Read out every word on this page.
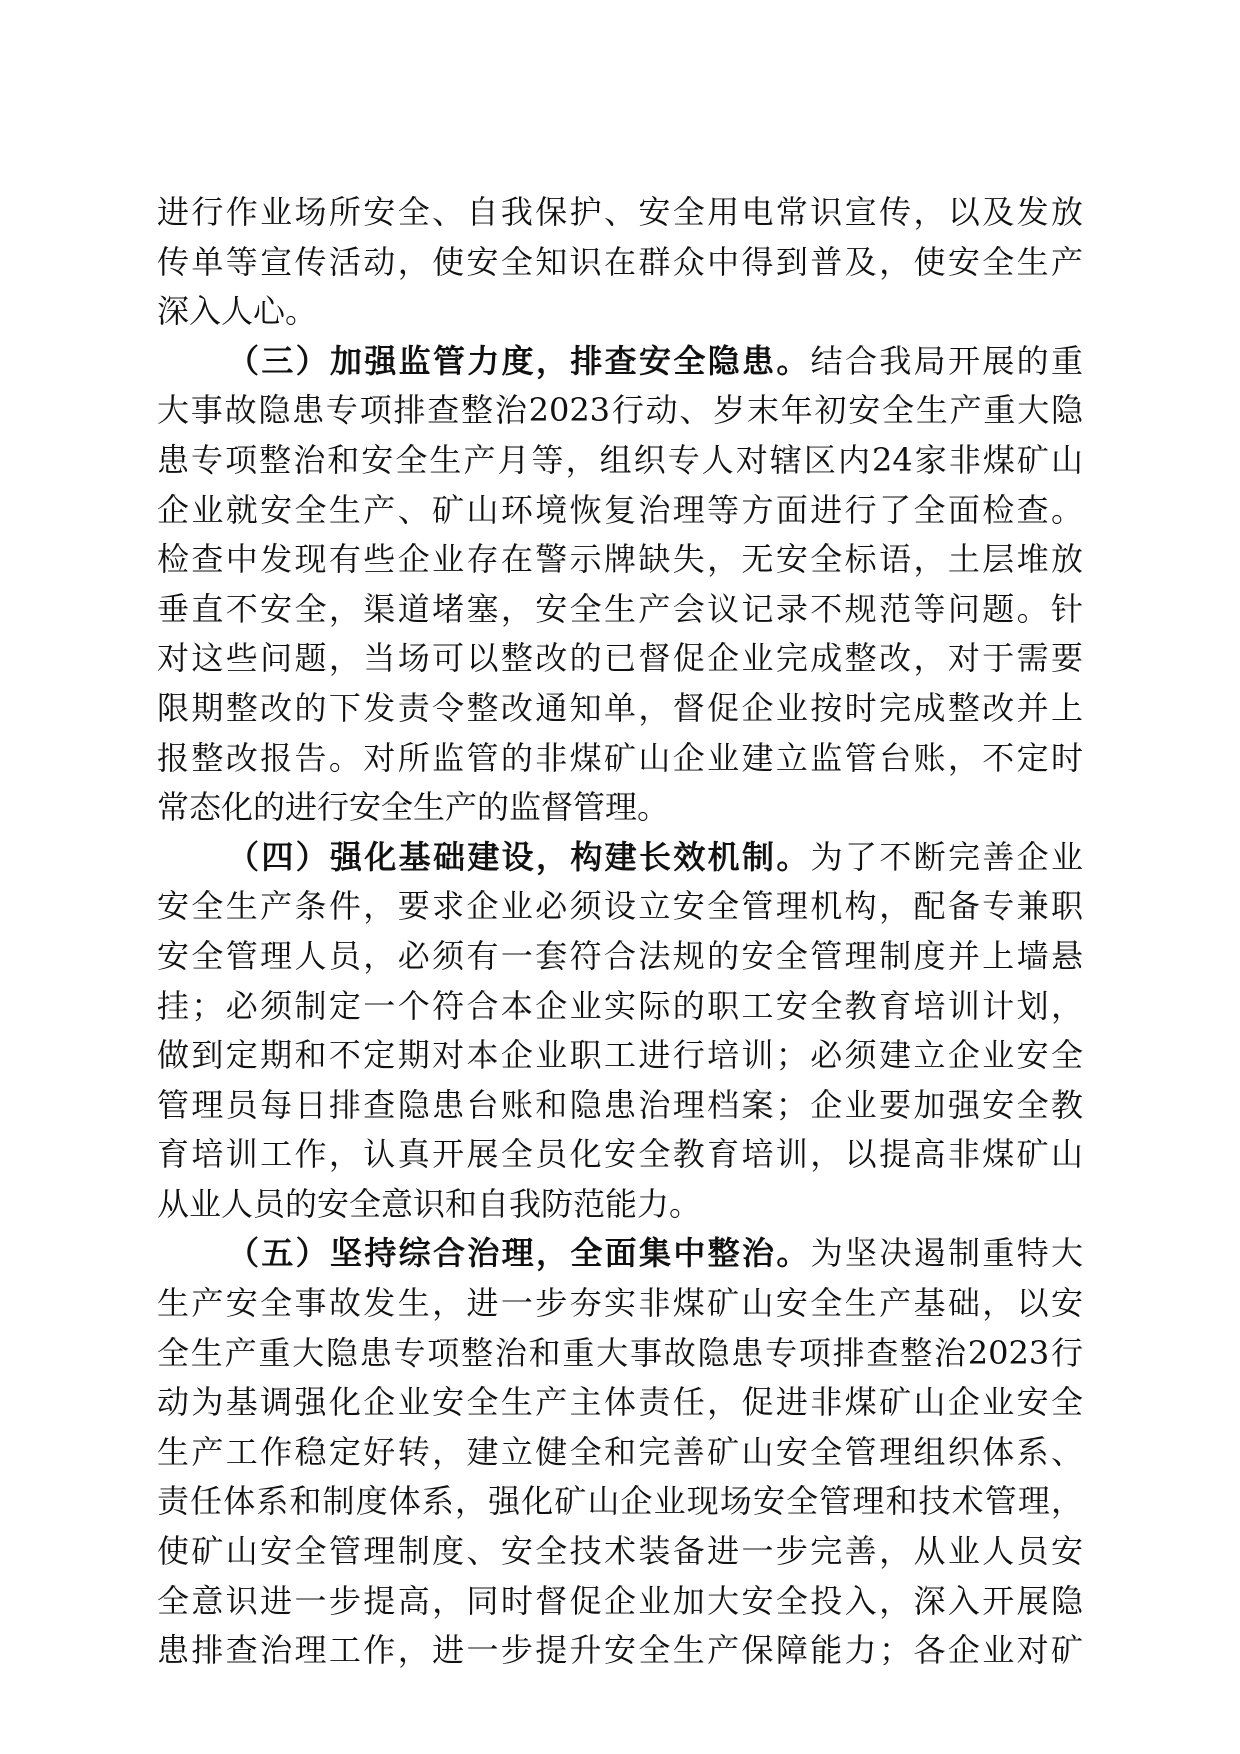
进行作业场所安全、自我保护、安全用电常识宣传，以及发放
传单等宣传活动，使安全知识在群众中得到普及，使安全生产
深入人心。
（三）加强监管力度，排查安全隐患。结合我局开展的重
大事故隐患专项排查整治2023行动、岁末年初安全生产重大隐
患专项整治和安全生产月等，组织专人对辖区内24家非煤矿山
企业就安全生产、矿山环境恢复治理等方面进行了全面检查。
检查中发现有些企业存在警示牌缺失，无安全标语，土层堆放
垂直不安全，渠道堵塞，安全生产会议记录不规范等问题。针
对这些问题，当场可以整改的已督促企业完成整改，对于需要
限期整改的下发责令整改通知单，督促企业按时完成整改并上
报整改报告。对所监管的非煤矿山企业建立监管台账，不定时
常态化的进行安全生产的监督管理。
（四）强化基础建设，构建长效机制。为了不断完善企业
安全生产条件，要求企业必须设立安全管理机构，配备专兼职
安全管理人员，必须有一套符合法规的安全管理制度并上墙悬
挂；必须制定一个符合本企业实际的职工安全教育培训计划，
做到定期和不定期对本企业职工进行培训；必须建立企业安全
管理员每日排查隐患台账和隐患治理档案；企业要加强安全教
育培训工作，认真开展全员化安全教育培训，以提高非煤矿山
从业人员的安全意识和自我防范能力。
（五）坚持综合治理，全面集中整治。为坚决遏制重特大
生产安全事故发生，进一步夯实非煤矿山安全生产基础，以安
全生产重大隐患专项整治和重大事故隐患专项排查整治2023行
动为基调强化企业安全生产主体责任，促进非煤矿山企业安全
生产工作稳定好转，建立健全和完善矿山安全管理组织体系、
责任体系和制度体系，强化矿山企业现场安全管理和技术管理，
使矿山安全管理制度、安全技术装备进一步完善，从业人员安
全意识进一步提高，同时督促企业加大安全投入，深入开展隐
患排查治理工作，进一步提升安全生产保障能力；各企业对矿
